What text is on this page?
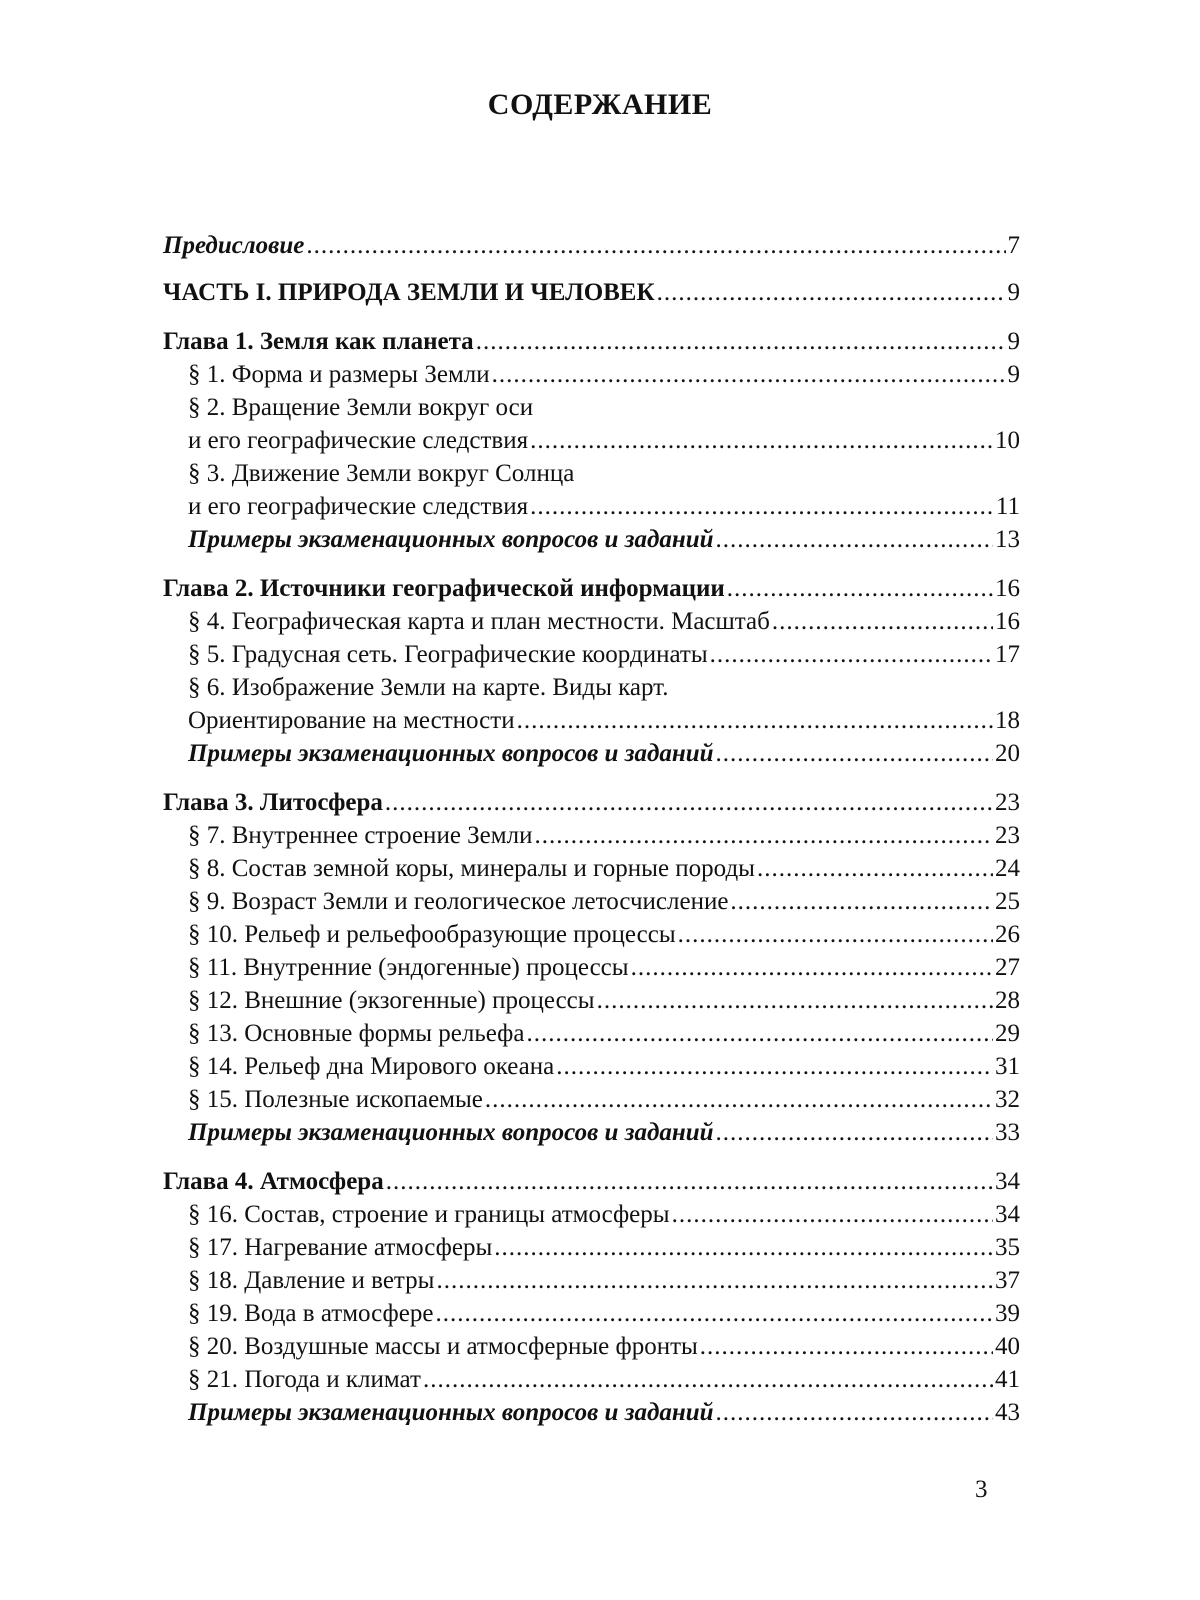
СОДЕРЖАНИЕ
Предисловие .....	7
ЧАСТЬ I. ПРИРОДА ЗЕМЛИ И ЧЕЛОВЕК .....	9
Глава 1. Земля как планета .....	9
§ 1. Форма и размеры Земли .....	9
§ 2. Вращение Земли вокруг оси
и его географические следствия .....	10
§ 3. Движение Земли вокруг Солнца
и его географические следствия .....	11
Примеры экзаменационных вопросов и заданий .....	13
Глава 2. Источники географической информации .....	16
§ 4. Географическая карта и план местности. Масштаб .....	16
§ 5. Градусная сеть. Географические координаты .....	17
§ 6. Изображение Земли на карте. Виды карт.
Ориентирование на местности .....	18
Примеры экзаменационных вопросов и заданий .....	20
Глава 3. Литосфера .....	23
§ 7. Внутреннее строение Земли .....	23
§ 8. Состав земной коры, минералы и горные породы .....	24
§ 9. Возраст Земли и геологическое летосчисление .....	25
§ 10. Рельеф и рельефообразующие процессы .....	26
§ 11. Внутренние (эндогенные) процессы .....	27
§ 12. Внешние (экзогенные) процессы .....	28
§ 13. Основные формы рельефа .....	29
§ 14. Рельеф дна Мирового океана .....	31
§ 15. Полезные ископаемые .....	32
Примеры экзаменационных вопросов и заданий .....	33
Глава 4. Атмосфера .....	34
§ 16. Состав, строение и границы атмосферы .....	34
§ 17. Нагревание атмосферы .....	35
§ 18. Давление и ветры .....	37
§ 19. Вода в атмосфере .....	39
§ 20. Воздушные массы и атмосферные фронты .....	40
§ 21. Погода и климат .....	41
Примеры экзаменационных вопросов и заданий .....	43
3
